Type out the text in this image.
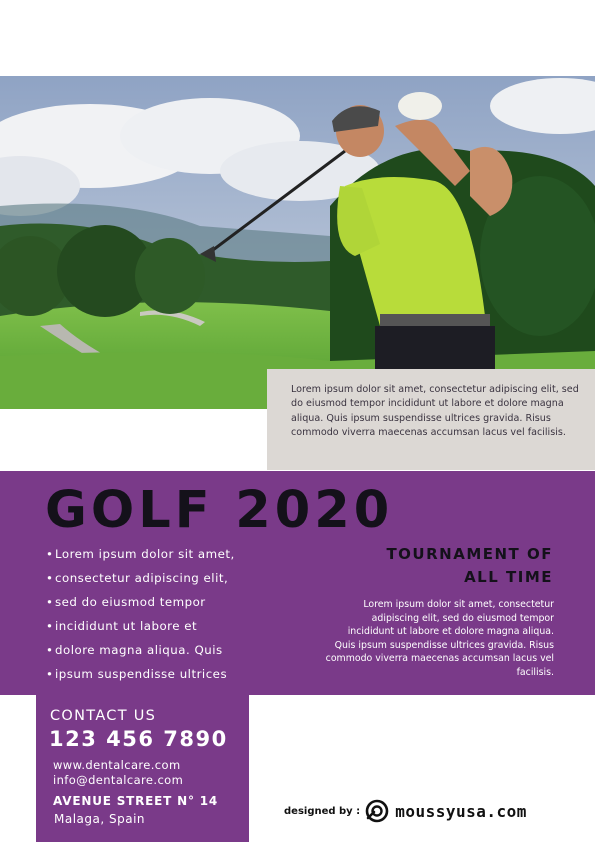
Lorem ipsum dolor sit amet, consectetur adipiscing elit, sed do eiusmod tempor incididunt ut labore et dolore magna aliqua. Quis ipsum suspendisse ultrices gravida. Risus commodo viverra maecenas accumsan lacus vel facilisis.
GOLF 2020
• Lorem ipsum dolor sit amet,
• consectetur adipiscing elit,
• sed do eiusmod tempor
• incididunt ut labore et
• dolore magna aliqua. Quis
• ipsum suspendisse ultrices
TOURNAMENT OF
ALL TIME
Lorem ipsum dolor sit amet, consectetur adipiscing elit, sed do eiusmod tempor incididunt ut labore et dolore magna aliqua. Quis ipsum suspendisse ultrices gravida. Risus commodo viverra maecenas accumsan lacus vel facilisis.
CONTACT US
123 456 7890
www.dentalcare.com
info@dentalcare.com
AVENUE STREET N° 14
Malaga, Spain
designed by : moussyusa.com
